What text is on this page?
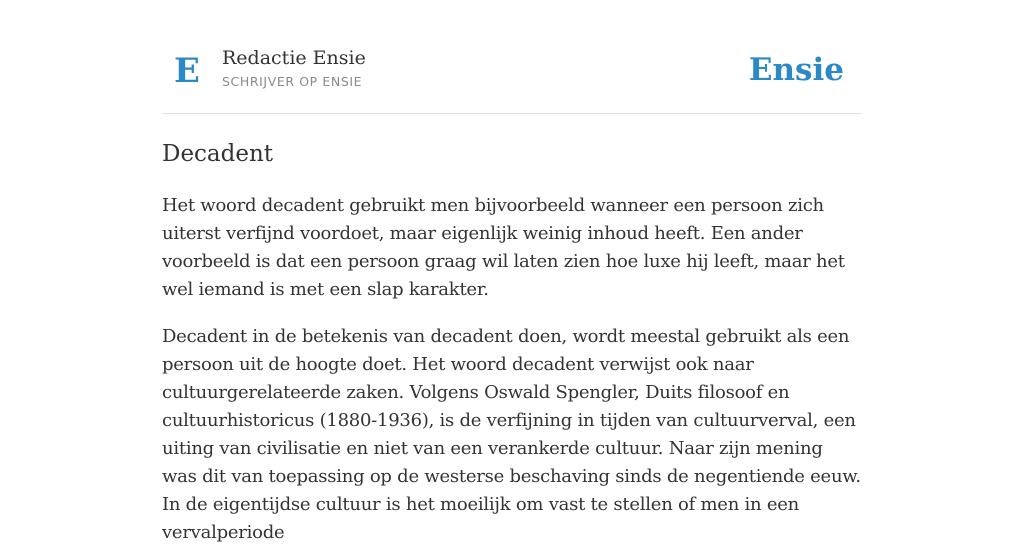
E Redactie Ensie
SCHRIJVER OP ENSIE	Ensie
Decadent

Het woord decadent gebruikt men bijvoorbeeld wanneer een persoon zich uiterst verfijnd voordoet, maar eigenlijk weinig inhoud heeft. Een ander voorbeeld is dat een persoon graag wil laten zien hoe luxe hij leeft, maar het wel iemand is met een slap karakter.

Decadent in de betekenis van decadent doen, wordt meestal gebruikt als een persoon uit de hoogte doet. Het woord decadent verwijst ook naar cultuurgerelateerde zaken. Volgens Oswald Spengler, Duits filosoof en cultuurhistoricus (1880-1936), is de verfijning in tijden van cultuurverval, een uiting van civilisatie en niet van een verankerde cultuur. Naar zijn mening was dit van toepassing op de westerse beschaving sinds de negentiende eeuw. In de eigentijdse cultuur is het moeilijk om vast te stellen of men in een vervalperiode
